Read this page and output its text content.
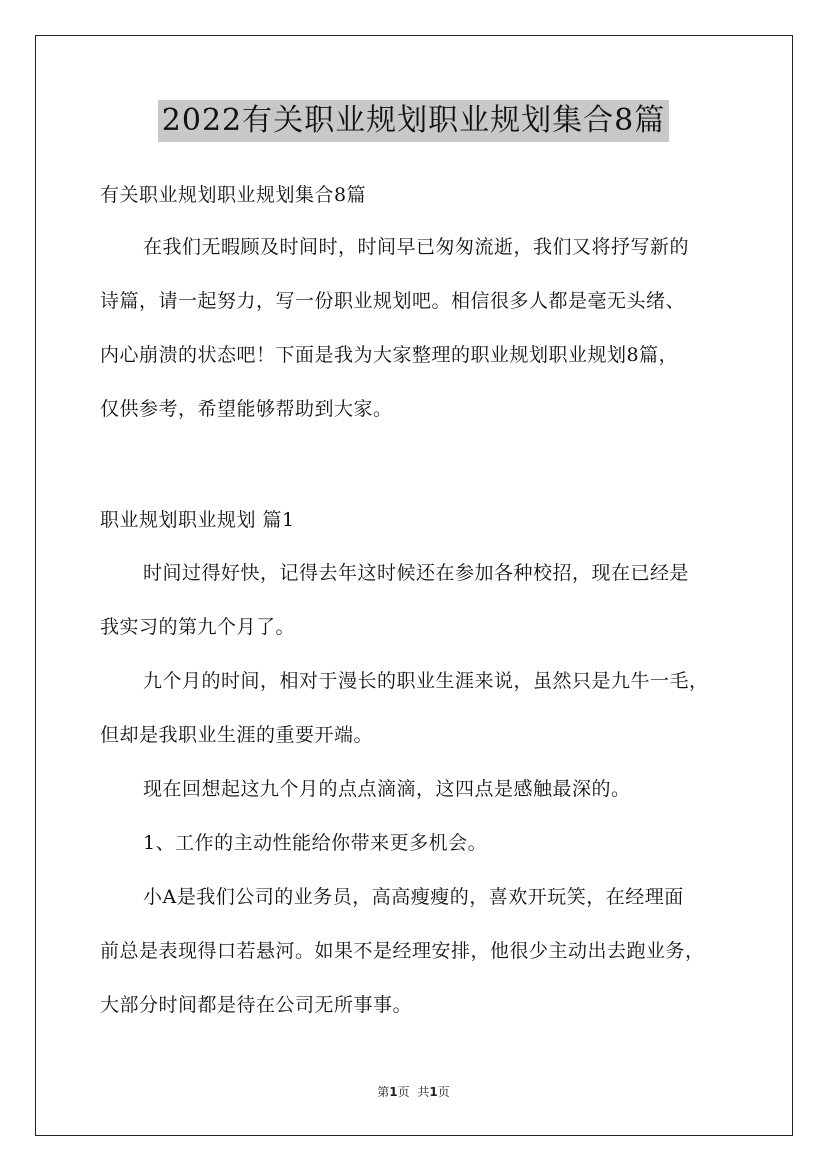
2022有关职业规划职业规划集合8篇
有关职业规划职业规划集合8篇
在我们无暇顾及时间时，时间早已匆匆流逝，我们又将抒写新的
诗篇，请一起努力，写一份职业规划吧。相信很多人都是毫无头绪、
内心崩溃的状态吧！下面是我为大家整理的职业规划职业规划8篇，
仅供参考，希望能够帮助到大家。
职业规划职业规划 篇1
时间过得好快，记得去年这时候还在参加各种校招，现在已经是
我实习的第九个月了。
九个月的时间，相对于漫长的职业生涯来说，虽然只是九牛一毛，
但却是我职业生涯的重要开端。
现在回想起这九个月的点点滴滴，这四点是感触最深的。
1、工作的主动性能给你带来更多机会。
小A是我们公司的业务员，高高瘦瘦的，喜欢开玩笑，在经理面
前总是表现得口若悬河。如果不是经理安排，他很少主动出去跑业务，
大部分时间都是待在公司无所事事。
第1页 共1页
